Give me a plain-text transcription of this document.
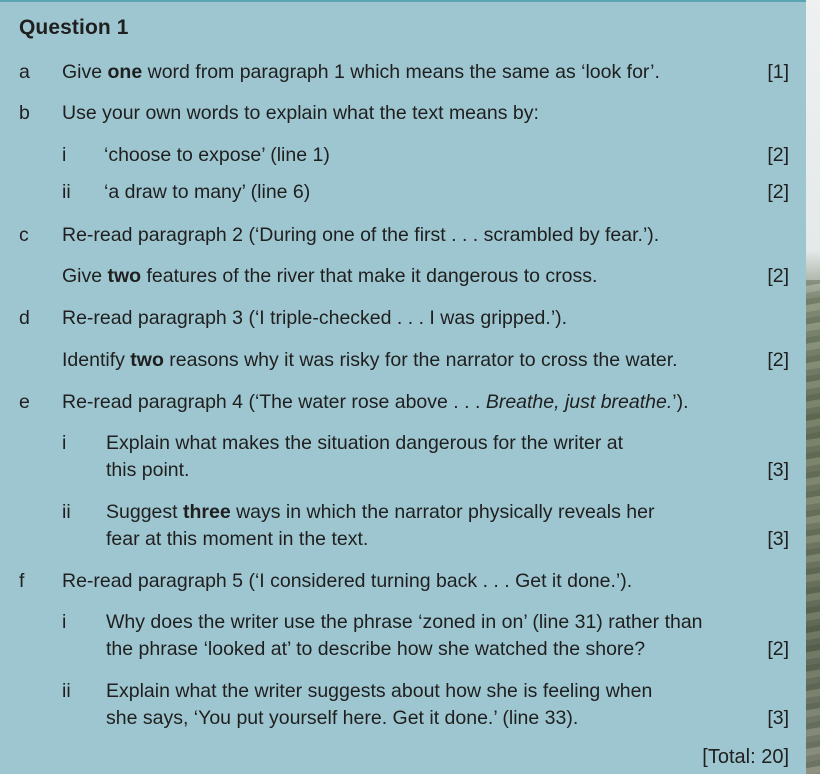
Question 1
a Give one word from paragraph 1 which means the same as ‘look for’.	[1]
b Use your own words to explain what the text means by:
i ‘choose to expose’ (line 1)	[2]
ii ‘a draw to many’ (line 6)	[2]
c Re-read paragraph 2 (‘During one of the first . . . scrambled by fear.’).
Give two features of the river that make it dangerous to cross.	[2]
d Re-read paragraph 3 (‘I triple-checked . . . I was gripped.’).
Identify two reasons why it was risky for the narrator to cross the water.	[2]
e Re-read paragraph 4 (‘The water rose above . . . Breathe, just breathe.’).
i Explain what makes the situation dangerous for the writer at
this point.	[3]
ii Suggest three ways in which the narrator physically reveals her
fear at this moment in the text.	[3]
f Re-read paragraph 5 (‘I considered turning back . . . Get it done.’).
i Why does the writer use the phrase ‘zoned in on’ (line 31) rather than
the phrase ‘looked at’ to describe how she watched the shore?	[2]
ii Explain what the writer suggests about how she is feeling when
she says, ‘You put yourself here. Get it done.’ (line 33).	[3]
[Total: 20]
